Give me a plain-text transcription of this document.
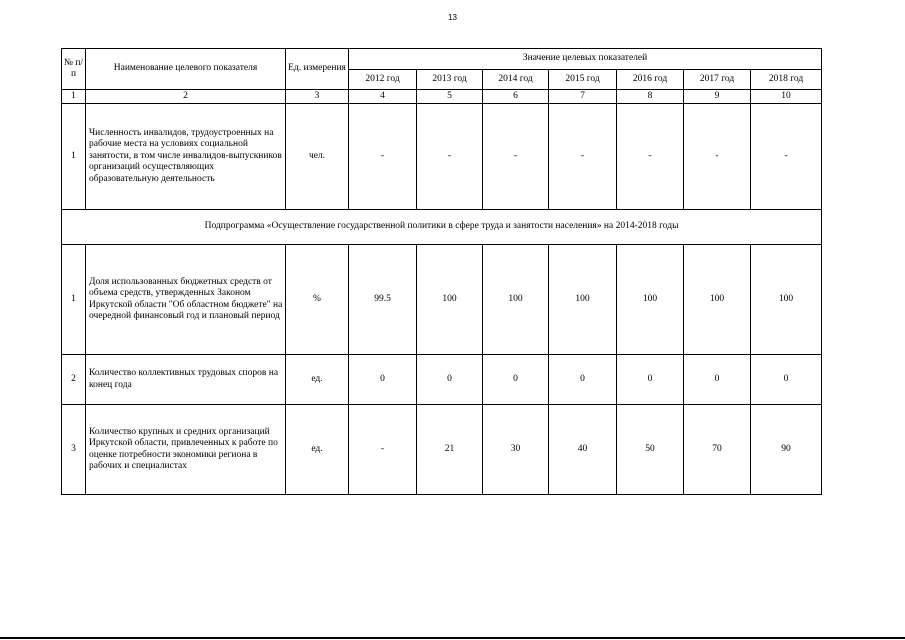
13
№ п/п	Наименование целевого показателя	Ед. измерения	Значение целевых показателей						
			2012 год	2013 год	2014 год	2015 год	2016 год	2017 год	2018 год
1	2	3	4	5	6	7	8	9	10
1	Численность инвалидов, трудоустроенных на рабочие места на условиях социальной занятости, в том числе инвалидов-выпускников организаций осуществляющих образовательную деятельность	чел.	-	-	-	-	-	-	-
Подпрограмма «Осуществление государственной политики в сфере труда и занятости населения» на 2014-2018 годы									
1	Доля использованных бюджетных средств от объема средств, утвержденных Законом Иркутской области "Об областном бюджете" на очередной финансовый год и плановый период	%	99.5	100	100	100	100	100	100
2	Количество коллективных трудовых споров на конец года	ед.	0	0	0	0	0	0	0
3	Количество крупных и средних организаций Иркутской области, привлеченных к работе по оценке потребности экономики региона в рабочих и специалистах	ед.	-	21	30	40	50	70	90
